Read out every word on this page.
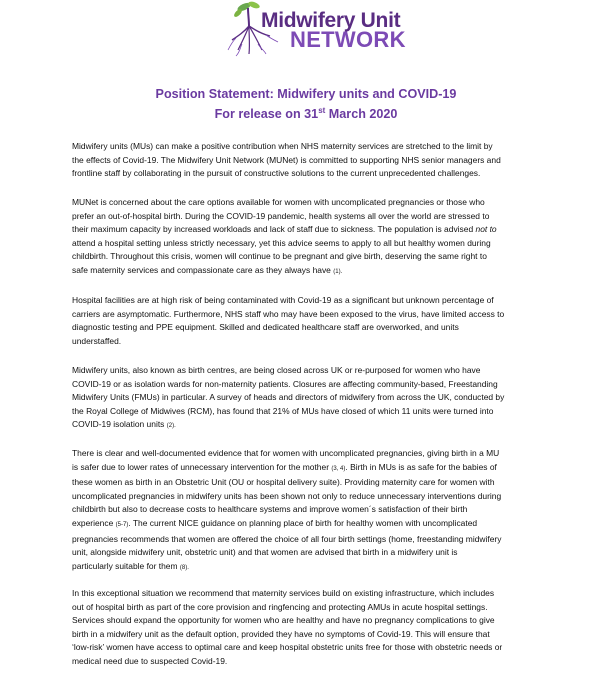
Midwifery Unit
NETWORK
Position Statement: Midwifery units and COVID-19
For release on 31st March 2020
Midwifery units (MUs) can make a positive contribution when NHS maternity services are stretched to the limit by
the effects of Covid-19. The Midwifery Unit Network (MUNet) is committed to supporting NHS senior managers and
frontline staff by collaborating in the pursuit of constructive solutions to the current unprecedented challenges.
MUNet is concerned about the care options available for women with uncomplicated pregnancies or those who
prefer an out-of-hospital birth. During the COVID-19 pandemic, health systems all over the world are stressed to
their maximum capacity by increased workloads and lack of staff due to sickness. The population is advised not to
attend a hospital setting unless strictly necessary, yet this advice seems to apply to all but healthy women during
childbirth. Throughout this crisis, women will continue to be pregnant and give birth, deserving the same right to
safe maternity services and compassionate care as they always have (1).
Hospital facilities are at high risk of being contaminated with Covid-19 as a significant but unknown percentage of
carriers are asymptomatic. Furthermore, NHS staff who may have been exposed to the virus, have limited access to
diagnostic testing and PPE equipment. Skilled and dedicated healthcare staff are overworked, and units
understaffed.
Midwifery units, also known as birth centres, are being closed across UK or re-purposed for women who have
COVID-19 or as isolation wards for non-maternity patients. Closures are affecting community-based, Freestanding
Midwifery Units (FMUs) in particular. A survey of heads and directors of midwifery from across the UK, conducted by
the Royal College of Midwives (RCM), has found that 21% of MUs have closed of which 11 units were turned into
COVID-19 isolation units (2).
There is clear and well-documented evidence that for women with uncomplicated pregnancies, giving birth in a MU
is safer due to lower rates of unnecessary intervention for the mother (3, 4). Birth in MUs is as safe for the babies of
these women as birth in an Obstetric Unit (OU or hospital delivery suite). Providing maternity care for women with
uncomplicated pregnancies in midwifery units has been shown not only to reduce unnecessary interventions during
childbirth but also to decrease costs to healthcare systems and improve women´s satisfaction of their birth
experience (5-7). The current NICE guidance on planning place of birth for healthy women with uncomplicated
pregnancies recommends that women are offered the choice of all four birth settings (home, freestanding midwifery
unit, alongside midwifery unit, obstetric unit) and that women are advised that birth in a midwifery unit is
particularly suitable for them (8).
In this exceptional situation we recommend that maternity services build on existing infrastructure, which includes
out of hospital birth as part of the core provision and ringfencing and protecting AMUs in acute hospital settings.
Services should expand the opportunity for women who are healthy and have no pregnancy complications to give
birth in a midwifery unit as the default option, provided they have no symptoms of Covid-19. This will ensure that
‘low-risk’ women have access to optimal care and keep hospital obstetric units free for those with obstetric needs or
medical need due to suspected Covid-19.
